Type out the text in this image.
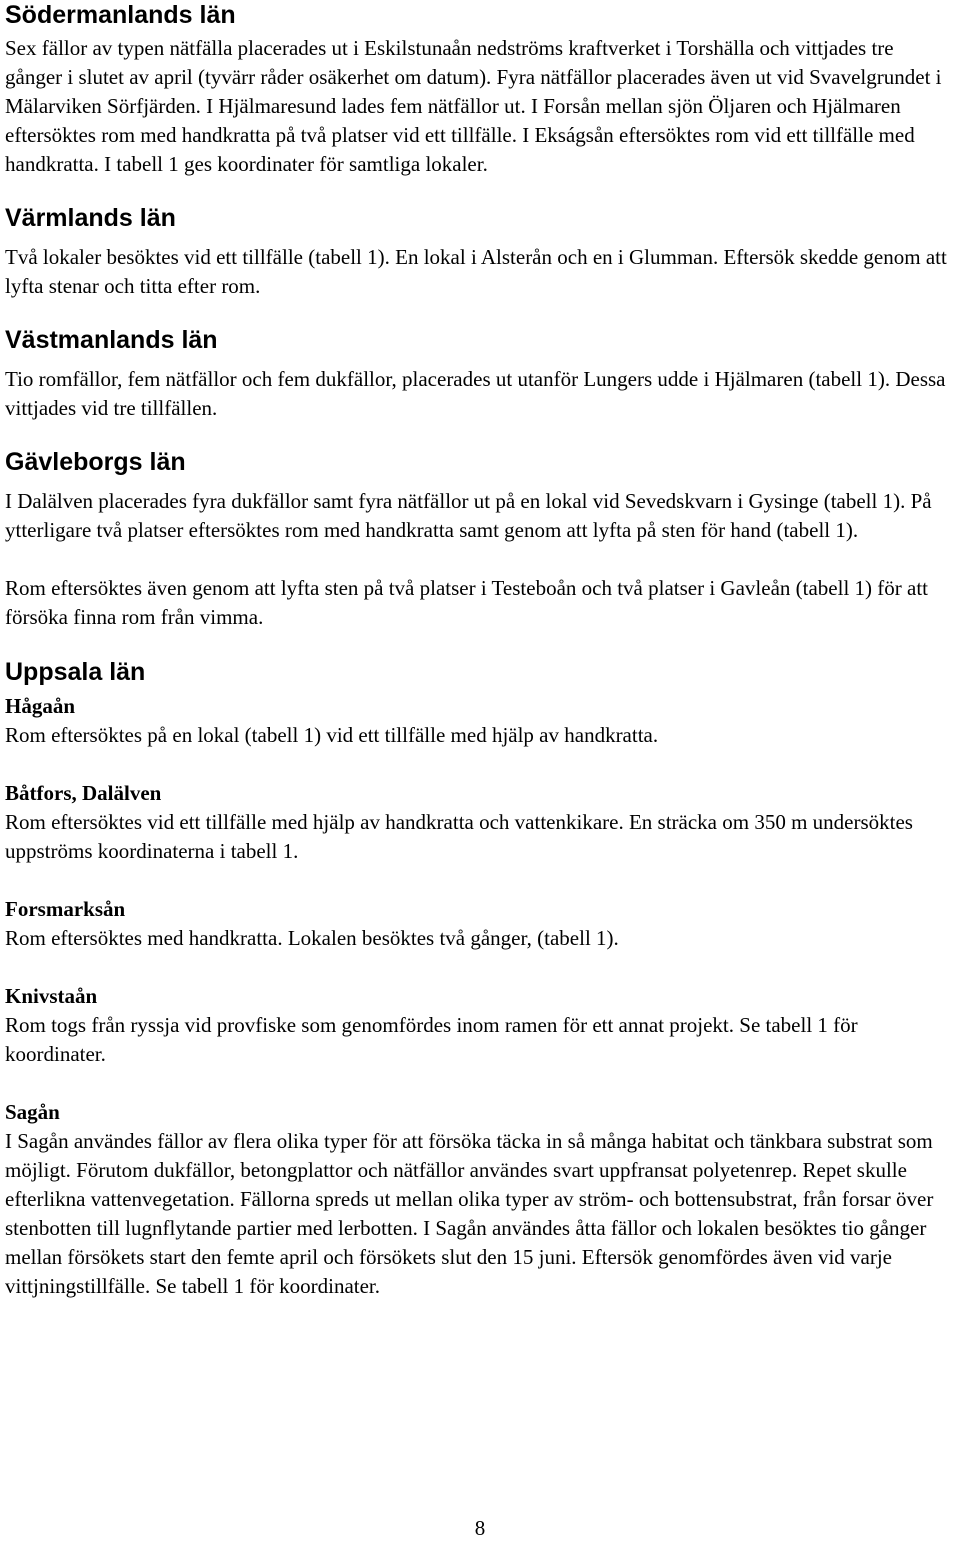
Södermanlands län

Sex fällor av typen nätfälla placerades ut i Eskilstunaån nedströms kraftverket i Torshälla och vittjades tre gånger i slutet av april (tyvärr råder osäkerhet om datum). Fyra nätfällor placerades även ut vid Svavelgrundet i Mälarviken Sörfjärden. I Hjälmaresund lades fem nätfällor ut. I Forsån mellan sjön Öljaren och Hjälmaren eftersöktes rom med handkratta på två platser vid ett tillfälle. I Ekságsån eftersöktes rom vid ett tillfälle med handkratta. I tabell 1 ges koordinater för samtliga lokaler.

Värmlands län

Två lokaler besöktes vid ett tillfälle (tabell 1). En lokal i Alsterån och en i Glumman. Eftersök skedde genom att lyfta stenar och titta efter rom.

Västmanlands län

Tio romfällor, fem nätfällor och fem dukfällor, placerades ut utanför Lungers udde i Hjälmaren (tabell 1). Dessa vittjades vid tre tillfällen.

Gävleborgs län

I Dalälven placerades fyra dukfällor samt fyra nätfällor ut på en lokal vid Sevedskvarn i Gysinge (tabell 1). På ytterligare två platser eftersöktes rom med handkratta samt genom att lyfta på sten för hand (tabell 1).

Rom eftersöktes även genom att lyfta sten på två platser i Testeboån och två platser i Gavleån (tabell 1) för att försöka finna rom från vimma.

Uppsala län
Hågaån

Rom eftersöktes på en lokal (tabell 1) vid ett tillfälle med hjälp av handkratta.

Båtfors, Dalälven

Rom eftersöktes vid ett tillfälle med hjälp av handkratta och vattenkikare. En sträcka om 350 m undersöktes uppströms koordinaterna i tabell 1.

Forsmarksån

Rom eftersöktes med handkratta. Lokalen besöktes två gånger, (tabell 1).

Knivstaån

Rom togs från ryssja vid provfiske som genomfördes inom ramen för ett annat projekt. Se tabell 1 för koordinater.

Sagån

I Sagån användes fällor av flera olika typer för att försöka täcka in så många habitat och tänkbara substrat som möjligt. Förutom dukfällor, betongplattor och nätfällor användes svart uppfransat polyetenrep. Repet skulle efterlikna vattenvegetation. Fällorna spreds ut mellan olika typer av ström- och bottensubstrat, från forsar över stenbotten till lugnflytande partier med lerbotten. I Sagån användes åtta fällor och lokalen besöktes tio gånger mellan försökets start den femte april och försökets slut den 15 juni. Eftersök genomfördes även vid varje vittjningstillfälle. Se tabell 1 för koordinater.

8
